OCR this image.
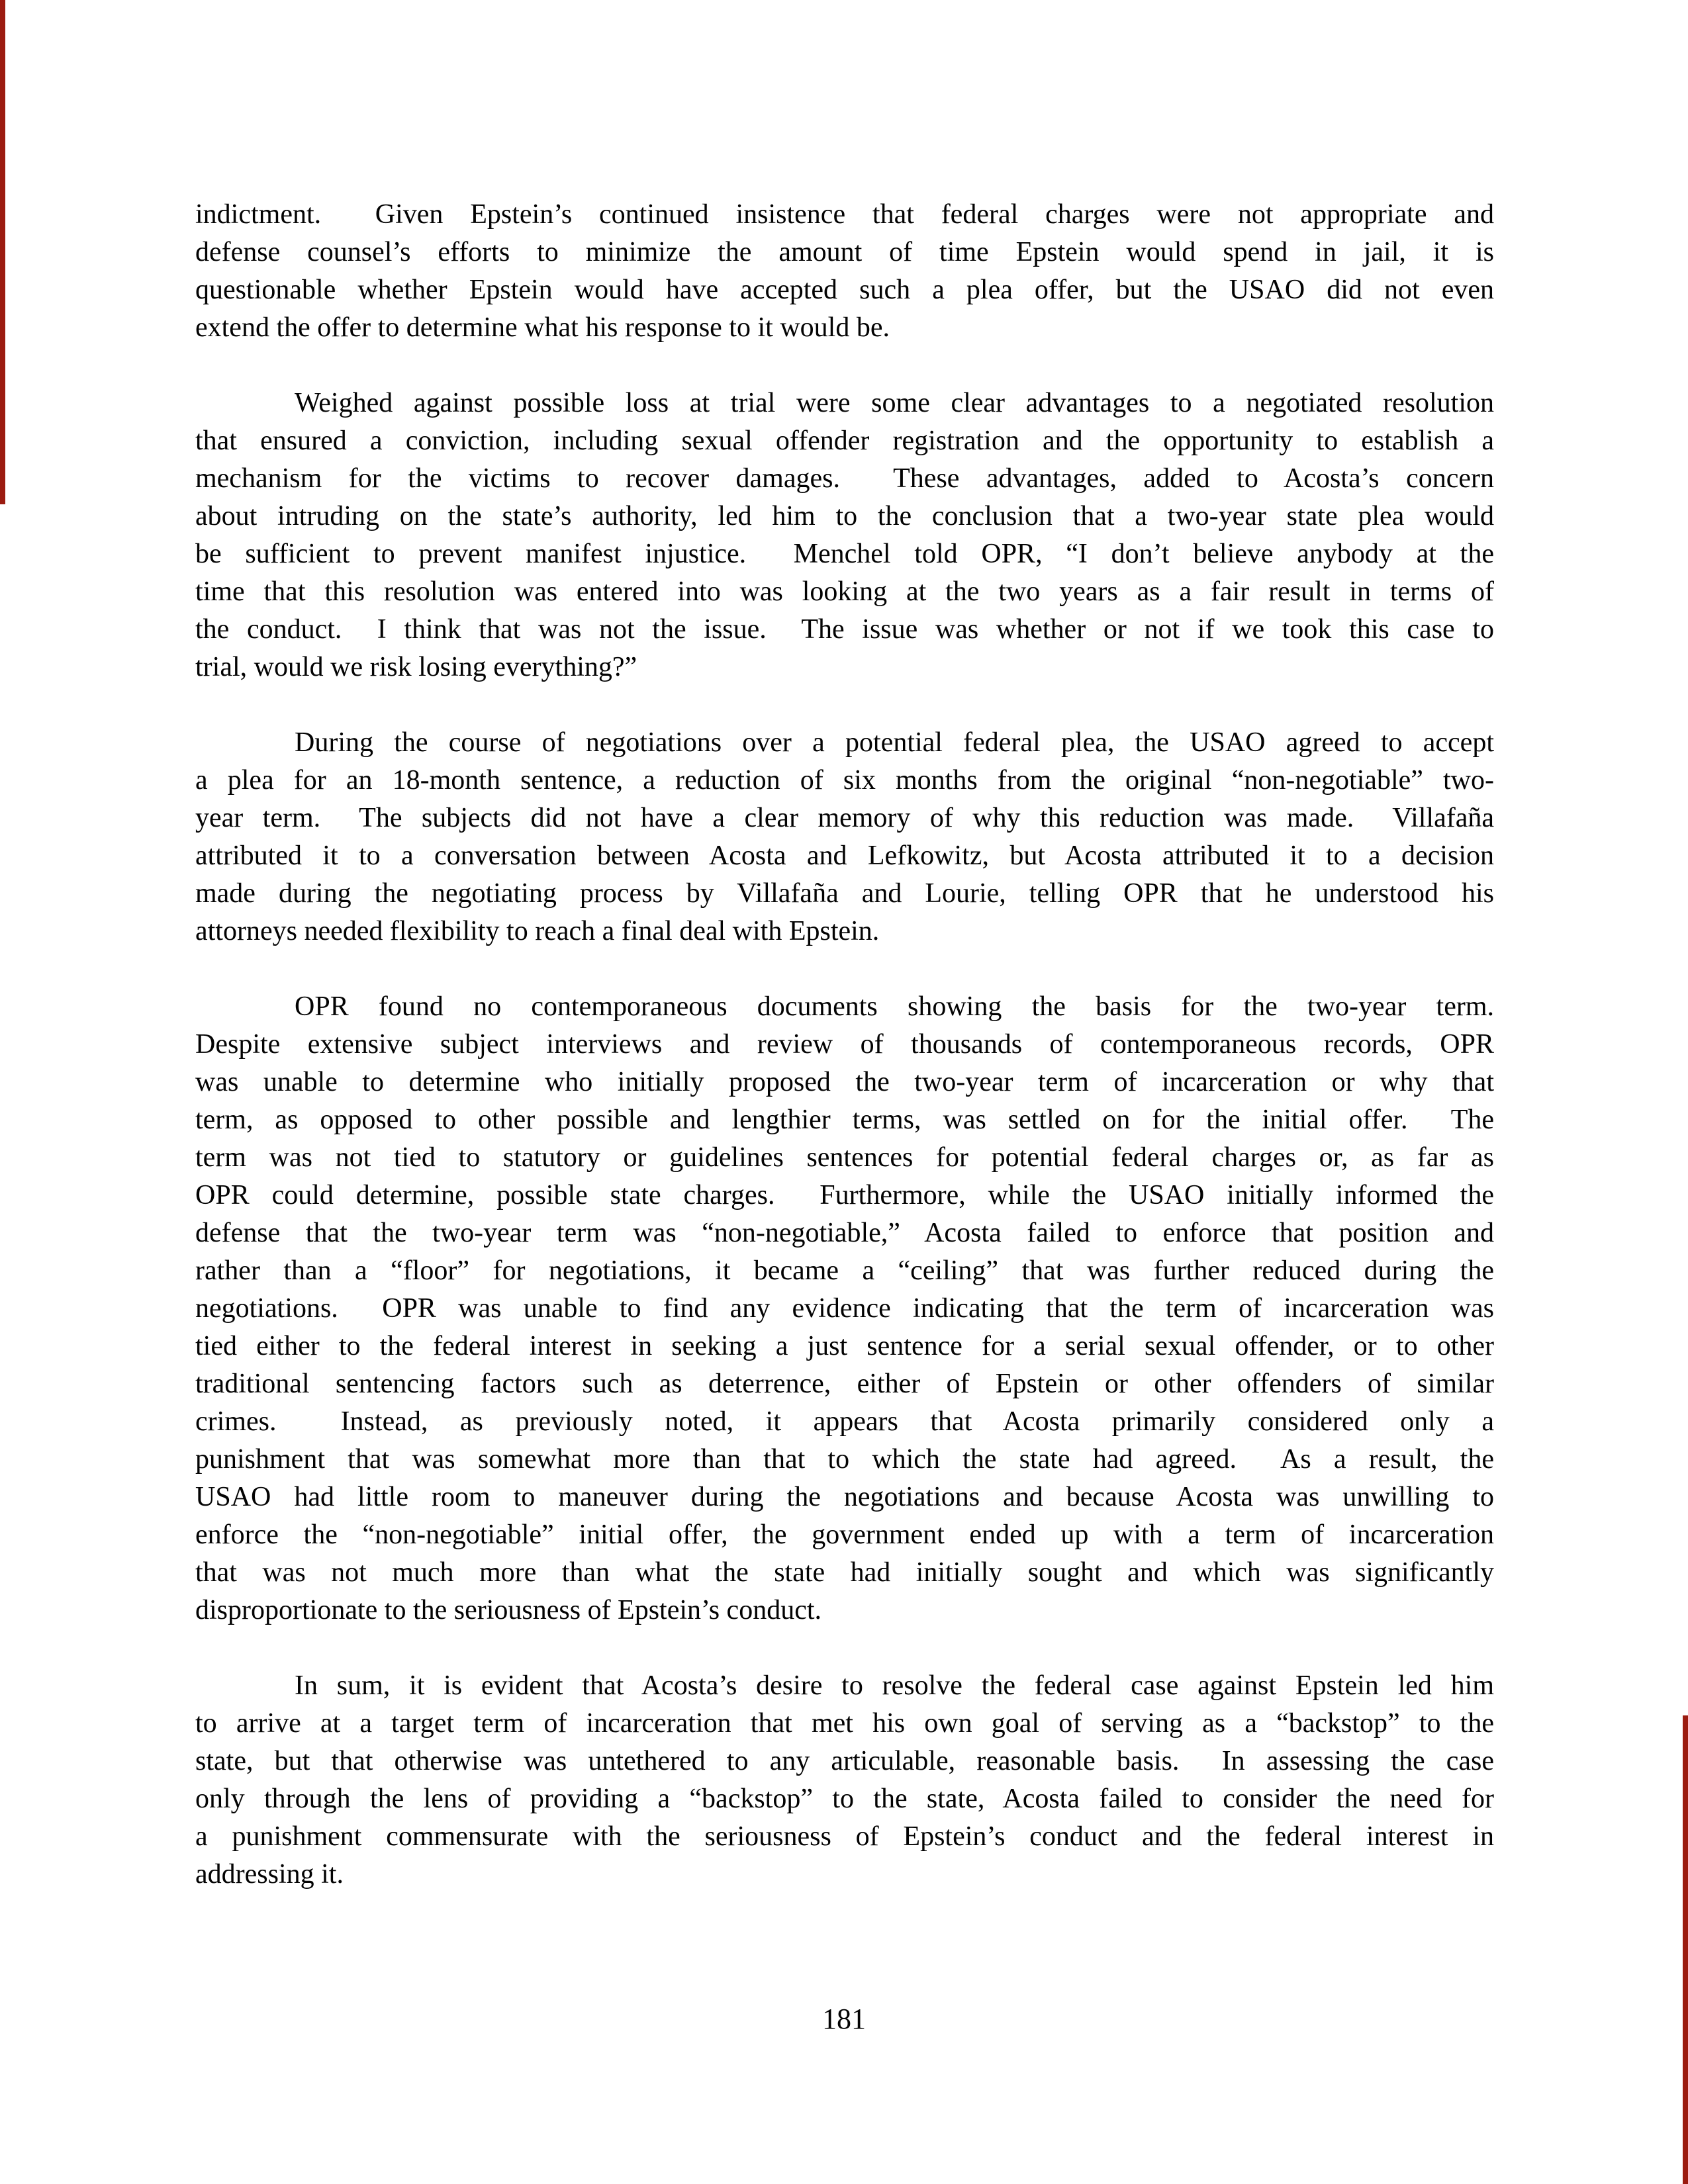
indictment.  Given Epstein’s continued insistence that federal charges were not appropriate and
defense counsel’s efforts to minimize the amount of time Epstein would spend in jail, it is
questionable whether Epstein would have accepted such a plea offer, but the USAO did not even
extend the offer to determine what his response to it would be.
Weighed against possible loss at trial were some clear advantages to a negotiated resolution
that ensured a conviction, including sexual offender registration and the opportunity to establish a
mechanism for the victims to recover damages.  These advantages, added to Acosta’s concern
about intruding on the state’s authority, led him to the conclusion that a two-year state plea would
be sufficient to prevent manifest injustice.  Menchel told OPR, “I don’t believe anybody at the
time that this resolution was entered into was looking at the two years as a fair result in terms of
the conduct.  I think that was not the issue.  The issue was whether or not if we took this case to
trial, would we risk losing everything?”
During the course of negotiations over a potential federal plea, the USAO agreed to accept
a plea for an 18-month sentence, a reduction of six months from the original “non-negotiable” two-
year term.  The subjects did not have a clear memory of why this reduction was made.  Villafaña
attributed it to a conversation between Acosta and Lefkowitz, but Acosta attributed it to a decision
made during the negotiating process by Villafaña and Lourie, telling OPR that he understood his
attorneys needed flexibility to reach a final deal with Epstein.
OPR found no contemporaneous documents showing the basis for the two-year term.
Despite extensive subject interviews and review of thousands of contemporaneous records, OPR
was unable to determine who initially proposed the two-year term of incarceration or why that
term, as opposed to other possible and lengthier terms, was settled on for the initial offer.  The
term was not tied to statutory or guidelines sentences for potential federal charges or, as far as
OPR could determine, possible state charges.  Furthermore, while the USAO initially informed the
defense that the two-year term was “non-negotiable,” Acosta failed to enforce that position and
rather than a “floor” for negotiations, it became a “ceiling” that was further reduced during the
negotiations.  OPR was unable to find any evidence indicating that the term of incarceration was
tied either to the federal interest in seeking a just sentence for a serial sexual offender, or to other
traditional sentencing factors such as deterrence, either of Epstein or other offenders of similar
crimes.  Instead, as previously noted, it appears that Acosta primarily considered only a
punishment that was somewhat more than that to which the state had agreed.  As a result, the
USAO had little room to maneuver during the negotiations and because Acosta was unwilling to
enforce the “non-negotiable” initial offer, the government ended up with a term of incarceration
that was not much more than what the state had initially sought and which was significantly
disproportionate to the seriousness of Epstein’s conduct.
In sum, it is evident that Acosta’s desire to resolve the federal case against Epstein led him
to arrive at a target term of incarceration that met his own goal of serving as a “backstop” to the
state, but that otherwise was untethered to any articulable, reasonable basis.  In assessing the case
only through the lens of providing a “backstop” to the state, Acosta failed to consider the need for
a punishment commensurate with the seriousness of Epstein’s conduct and the federal interest in
addressing it.
181
